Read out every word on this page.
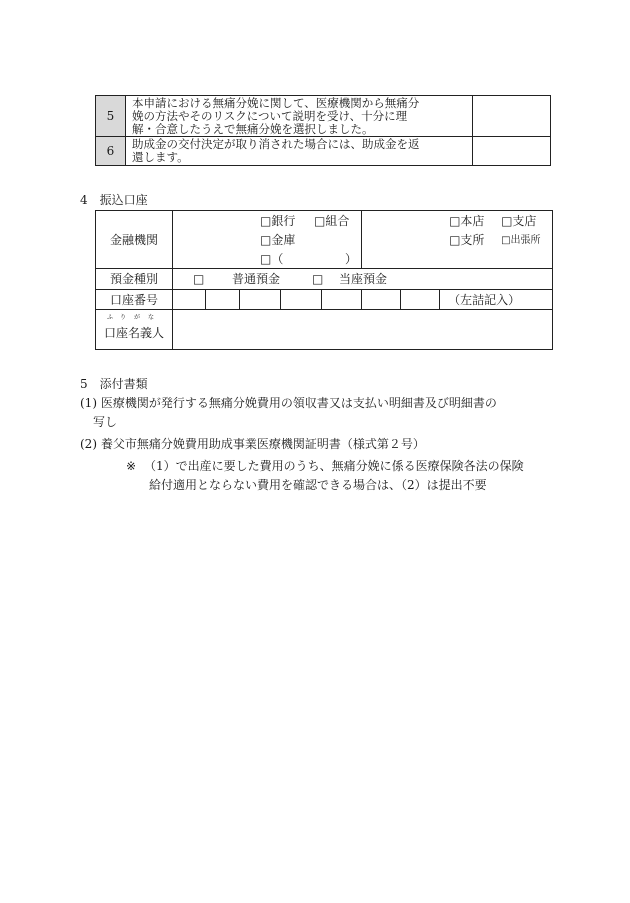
5	本申請における無痛分娩に関して、医療機関から無痛分
娩の方法やそのリスクについて説明を受け、十分に理
解・合意したうえで無痛分娩を選択しました。	

6	助成金の交付決定が取り消された場合には、助成金を返
還します。	

4　振込口座
金融機関	□銀行 □組合
□金庫
□（ ）					□本店 □支店
□支所 □出張所		

預金種別	□ 普通預金 □ 当座預金							

口座番号								（左詰記入）

ふ り が な
口座名義人								

5　添付書類
(1) 医療機関が発行する無痛分娩費用の領収書又は支払い明細書及び明細書の
写し
(2) 養父市無痛分娩費用助成事業医療機関証明書（様式第２号）
※ （1）で出産に要した費用のうち、無痛分娩に係る医療保険各法の保険
給付適用とならない費用を確認できる場合は、（2）は提出不要
